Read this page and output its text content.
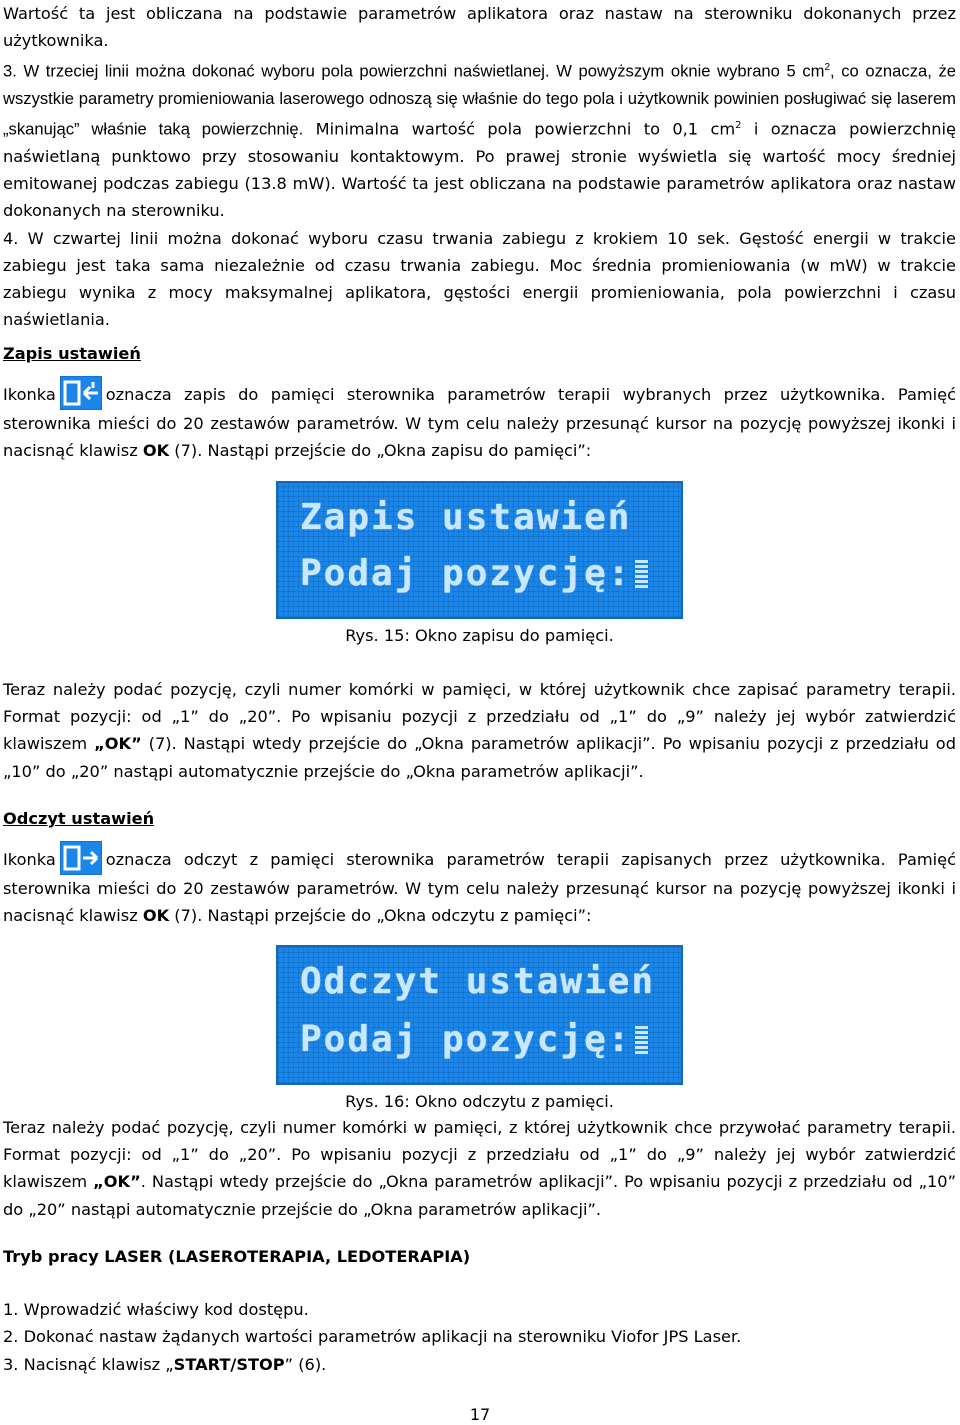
Wartość ta jest obliczana na podstawie parametrów aplikatora oraz nastaw na sterowniku dokonanych przez użytkownika.

3. W trzeciej linii można dokonać wyboru pola powierzchni naświetlanej. W powyższym oknie wybrano 5 $cm^2$, co oznacza, że wszystkie parametry promieniowania laserowego odnoszą się właśnie do tego pola i użytkownik powinien posługiwać się laserem „skanując” właśnie taką powierzchnię. Minimalna wartość pola powierzchni to 0,1 $cm^2$ i oznacza powierzchnię naświetlaną punktowo przy stosowaniu kontaktowym. Po prawej stronie wyświetla się wartość mocy średniej emitowanej podczas zabiegu (13.8 mW). Wartość ta jest obliczana na podstawie parametrów aplikatora oraz nastaw dokonanych na sterowniku.

4. W czwartej linii można dokonać wyboru czasu trwania zabiegu z krokiem 10 sek. Gęstość energii w trakcie zabiegu jest taka sama niezależnie od czasu trwania zabiegu. Moc średnia promieniowania (w mW) w trakcie zabiegu wynika z mocy maksymalnej aplikatora, gęstości energii promieniowania, pola powierzchni i czasu naświetlania.

Zapis ustawień

Ikonka	oznacza zapis do pamięci sterownika parametrów terapii wybranych przez użytkownika. Pamięć sterownika mieści do 20 zestawów parametrów. W tym celu należy przesunąć kursor na pozycję powyższej ikonki i nacisnąć klawisz OK (7). Nastąpi przejście do „Okna zapisu do pamięci”:

Zapis ustawień
Podaj pozycję:
Rys. 15: Okno zapisu do pamięci.

Teraz należy podać pozycję, czyli numer komórki w pamięci, w której użytkownik chce zapisać parametry terapii. Format pozycji: od „1” do „20”. Po wpisaniu pozycji z przedziału od „1” do „9” należy jej wybór zatwierdzić klawiszem „OK” (7). Nastąpi wtedy przejście do „Okna parametrów aplikacji”. Po wpisaniu pozycji z przedziału od „10” do „20” nastąpi automatycznie przejście do „Okna parametrów aplikacji”.

Odczyt ustawień

Ikonka	oznacza odczyt z pamięci sterownika parametrów terapii zapisanych przez użytkownika. Pamięć sterownika mieści do 20 zestawów parametrów. W tym celu należy przesunąć kursor na pozycję powyższej ikonki i nacisnąć klawisz OK (7). Nastąpi przejście do „Okna odczytu z pamięci”:

Odczyt ustawień
Podaj pozycję:
Rys. 16: Okno odczytu z pamięci.

Teraz należy podać pozycję, czyli numer komórki w pamięci, z której użytkownik chce przywołać parametry terapii. Format pozycji: od „1” do „20”. Po wpisaniu pozycji z przedziału od „1” do „9” należy jej wybór zatwierdzić klawiszem „OK”. Nastąpi wtedy przejście do „Okna parametrów aplikacji”. Po wpisaniu pozycji z przedziału od „10” do „20” nastąpi automatycznie przejście do „Okna parametrów aplikacji”.

Tryb pracy LASER (LASEROTERAPIA, LEDOTERAPIA)

1. Wprowadzić właściwy kod dostępu.
2. Dokonać nastaw żądanych wartości parametrów aplikacji na sterowniku Viofor JPS Laser.
3. Nacisnąć klawisz „START/STOP” (6).
17
